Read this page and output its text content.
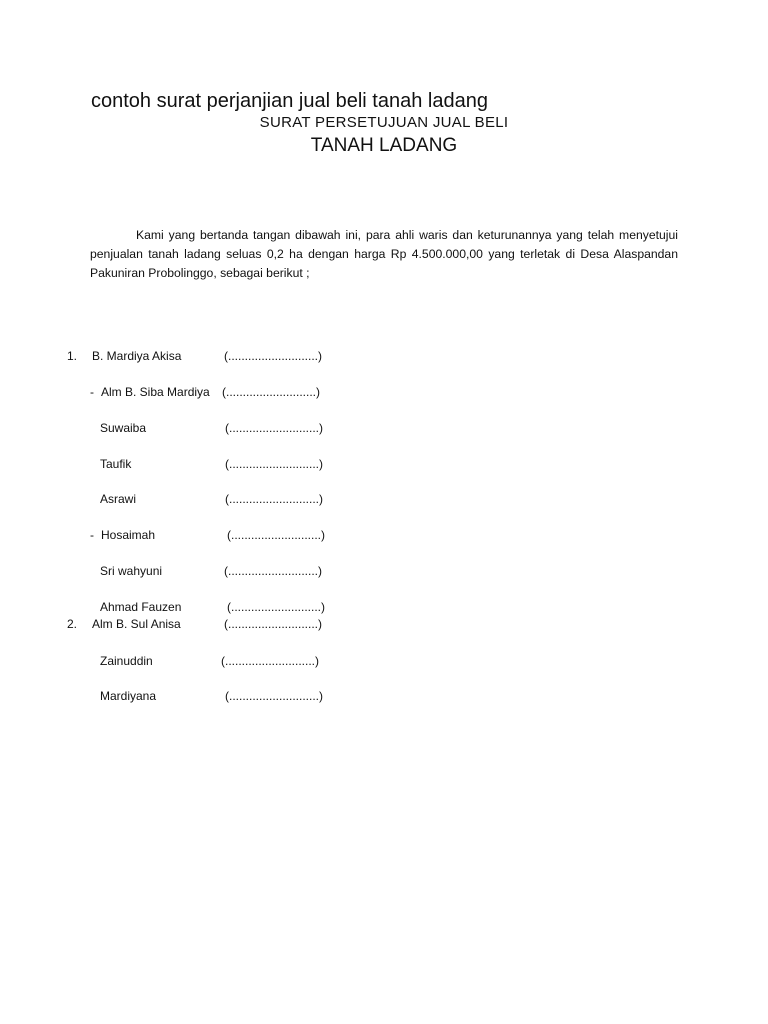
contoh surat perjanjian jual beli tanah ladang
SURAT PERSETUJUAN JUAL BELI
TANAH LADANG

Kami yang bertanda tangan dibawah ini, para ahli waris dan keturunannya yang telah menyetujui penjualan tanah ladang seluas 0,2 ha dengan harga Rp 4.500.000,00 yang terletak di Desa Alaspandan Pakuniran Probolinggo, sebagai berikut ;

1. B. Mardiya Akisa	(...........................)
- Alm B. Siba Mardiya (...........................)
Suwaiba	(...........................)
Taufik	(...........................)
Asrawi	(...........................)
- Hosaimah	(...........................)
Sri wahyuni	(...........................)
Ahmad Fauzen	(...........................)
2. Alm B. Sul Anisa	(...........................)
Zainuddin	(...........................)
Mardiyana	(...........................)
